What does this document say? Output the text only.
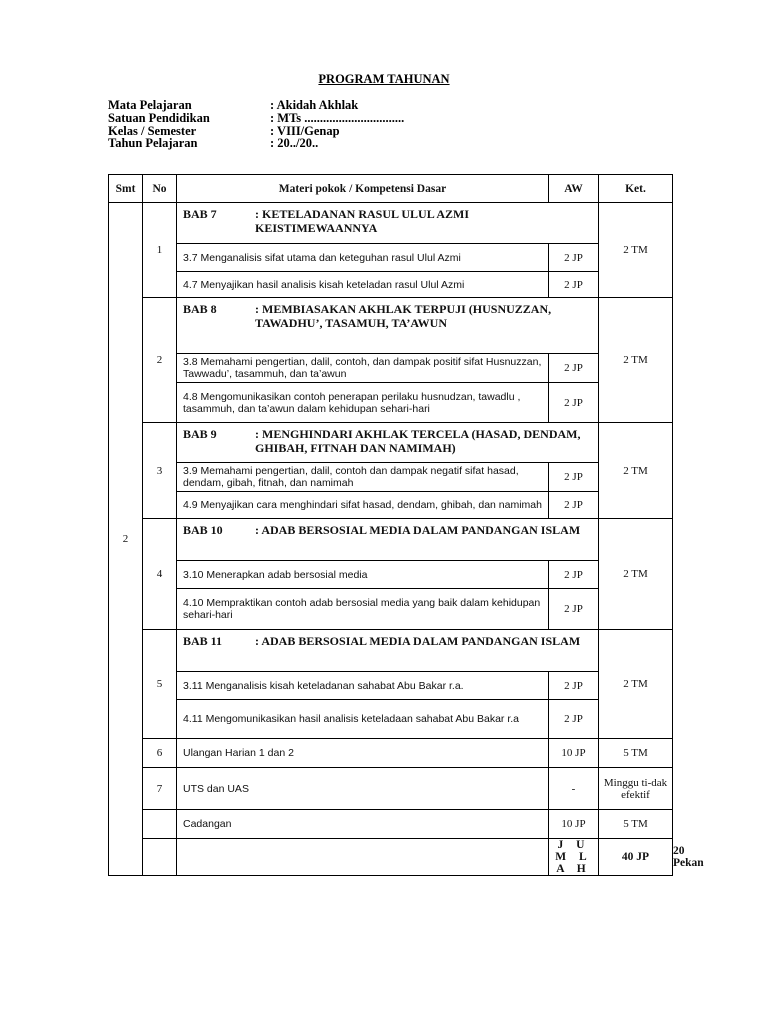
PROGRAM TAHUNAN
Mata Pelajaran	: Akidah Akhlak
Satuan Pendidikan	: MTs ................................
Kelas / Semester	: VIII/Genap
Tahun Pelajaran	: 20../20..
Smt	No	Materi pokok / Kompetensi Dasar	AW	Ket.	
2	1	BAB 7 : KETELADANAN RASUL ULUL AZMI KEISTIMEWAANNYA		2 TM	
		3.7 Menganalisis sifat utama dan keteguhan rasul Ulul Azmi	2 JP		
		4.7 Menyajikan hasil analisis kisah keteladan rasul Ulul Azmi	2 JP		
	2	BAB 8 : MEMBIASAKAN AKHLAK TERPUJI (HUSNUZZAN, TAWADHU’, TASAMUH, TA’AWUN		2 TM	
		3.8 Memahami pengertian, dalil, contoh, dan dampak positif sifat Husnuzzan, Tawwadu’, tasammuh, dan ta’awun	2 JP		
		4.8 Mengomunikasikan contoh penerapan perilaku husnudzan, tawadlu , tasammuh, dan ta’awun dalam kehidupan sehari-hari	2 JP		
	3	BAB 9 : MENGHINDARI AKHLAK TERCELA (HASAD, DENDAM, GHIBAH, FITNAH DAN NAMIMAH)		2 TM	
		3.9 Memahami pengertian, dalil, contoh dan dampak negatif sifat hasad, dendam, gibah, fitnah, dan namimah	2 JP		
		4.9 Menyajikan cara menghindari sifat hasad, dendam, ghibah, dan namimah	2 JP		
	4	BAB 10 : ADAB BERSOSIAL MEDIA DALAM PANDANGAN ISLAM		2 TM	
		3.10 Menerapkan adab bersosial media	2 JP		
		4.10 Mempraktikan contoh adab bersosial media yang baik dalam kehidupan sehari-hari	2 JP		
	5	BAB 11 : ADAB BERSOSIAL MEDIA DALAM PANDANGAN ISLAM		2 TM	
		3.11 Menganalisis kisah keteladanan sahabat Abu Bakar r.a.	2 JP		
		4.11 Mengomunikasikan hasil analisis keteladaan sahabat Abu Bakar r.a	2 JP		
	6	Ulangan Harian 1 dan 2	10 JP	5 TM	
	7	UTS dan UAS	-	Minggu ti-dak efektif	
		Cadangan	10 JP	5 TM	
			J U M L A H	40 JP	20 Pekan
